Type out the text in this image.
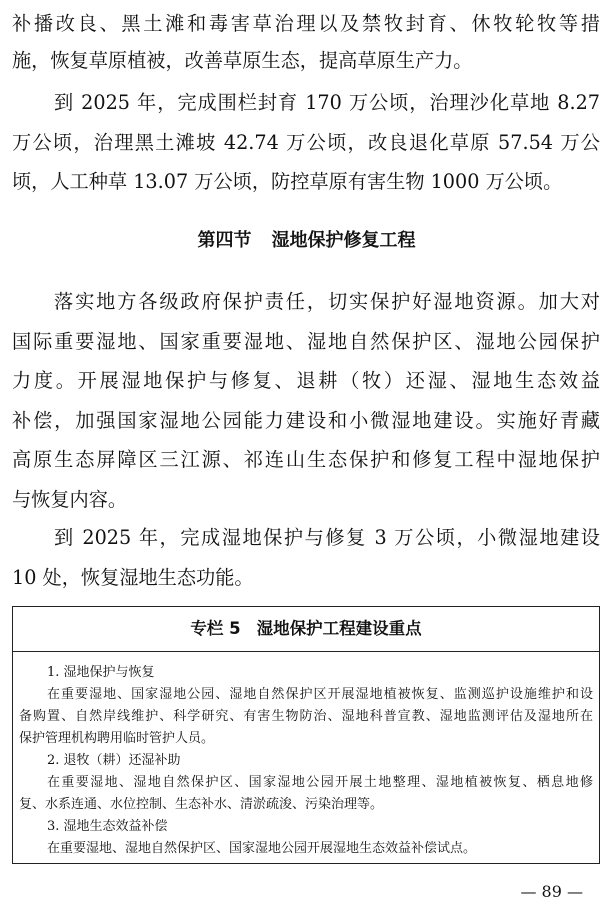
补播改良、黑土滩和毒害草治理以及禁牧封育、休牧轮牧等措
施，恢复草原植被，改善草原生态，提高草原生产力。
到 2025 年，完成围栏封育 170 万公顷，治理沙化草地 8.27
万公顷，治理黑土滩坡 42.74 万公顷，改良退化草原 57.54 万公
顷，人工种草 13.07 万公顷，防控草原有害生物 1000 万公顷。
第四节 湿地保护修复工程
落实地方各级政府保护责任，切实保护好湿地资源。加大对
国际重要湿地、国家重要湿地、湿地自然保护区、湿地公园保护
力度。开展湿地保护与修复、退耕（牧）还湿、湿地生态效益
补偿，加强国家湿地公园能力建设和小微湿地建设。实施好青藏
高原生态屏障区三江源、祁连山生态保护和修复工程中湿地保护
与恢复内容。
到 2025 年，完成湿地保护与修复 3 万公顷，小微湿地建设
10 处，恢复湿地生态功能。
专栏 5 湿地保护工程建设重点
1. 湿地保护与恢复
在重要湿地、国家湿地公园、湿地自然保护区开展湿地植被恢复、监测巡护设施维护和设
备购置、自然岸线维护、科学研究、有害生物防治、湿地科普宣教、湿地监测评估及湿地所在
保护管理机构聘用临时管护人员。
2. 退牧（耕）还湿补助
在重要湿地、湿地自然保护区、国家湿地公园开展土地整理、湿地植被恢复、栖息地修
复、水系连通、水位控制、生态补水、清淤疏浚、污染治理等。
3. 湿地生态效益补偿
在重要湿地、湿地自然保护区、国家湿地公园开展湿地生态效益补偿试点。
— 89 —
